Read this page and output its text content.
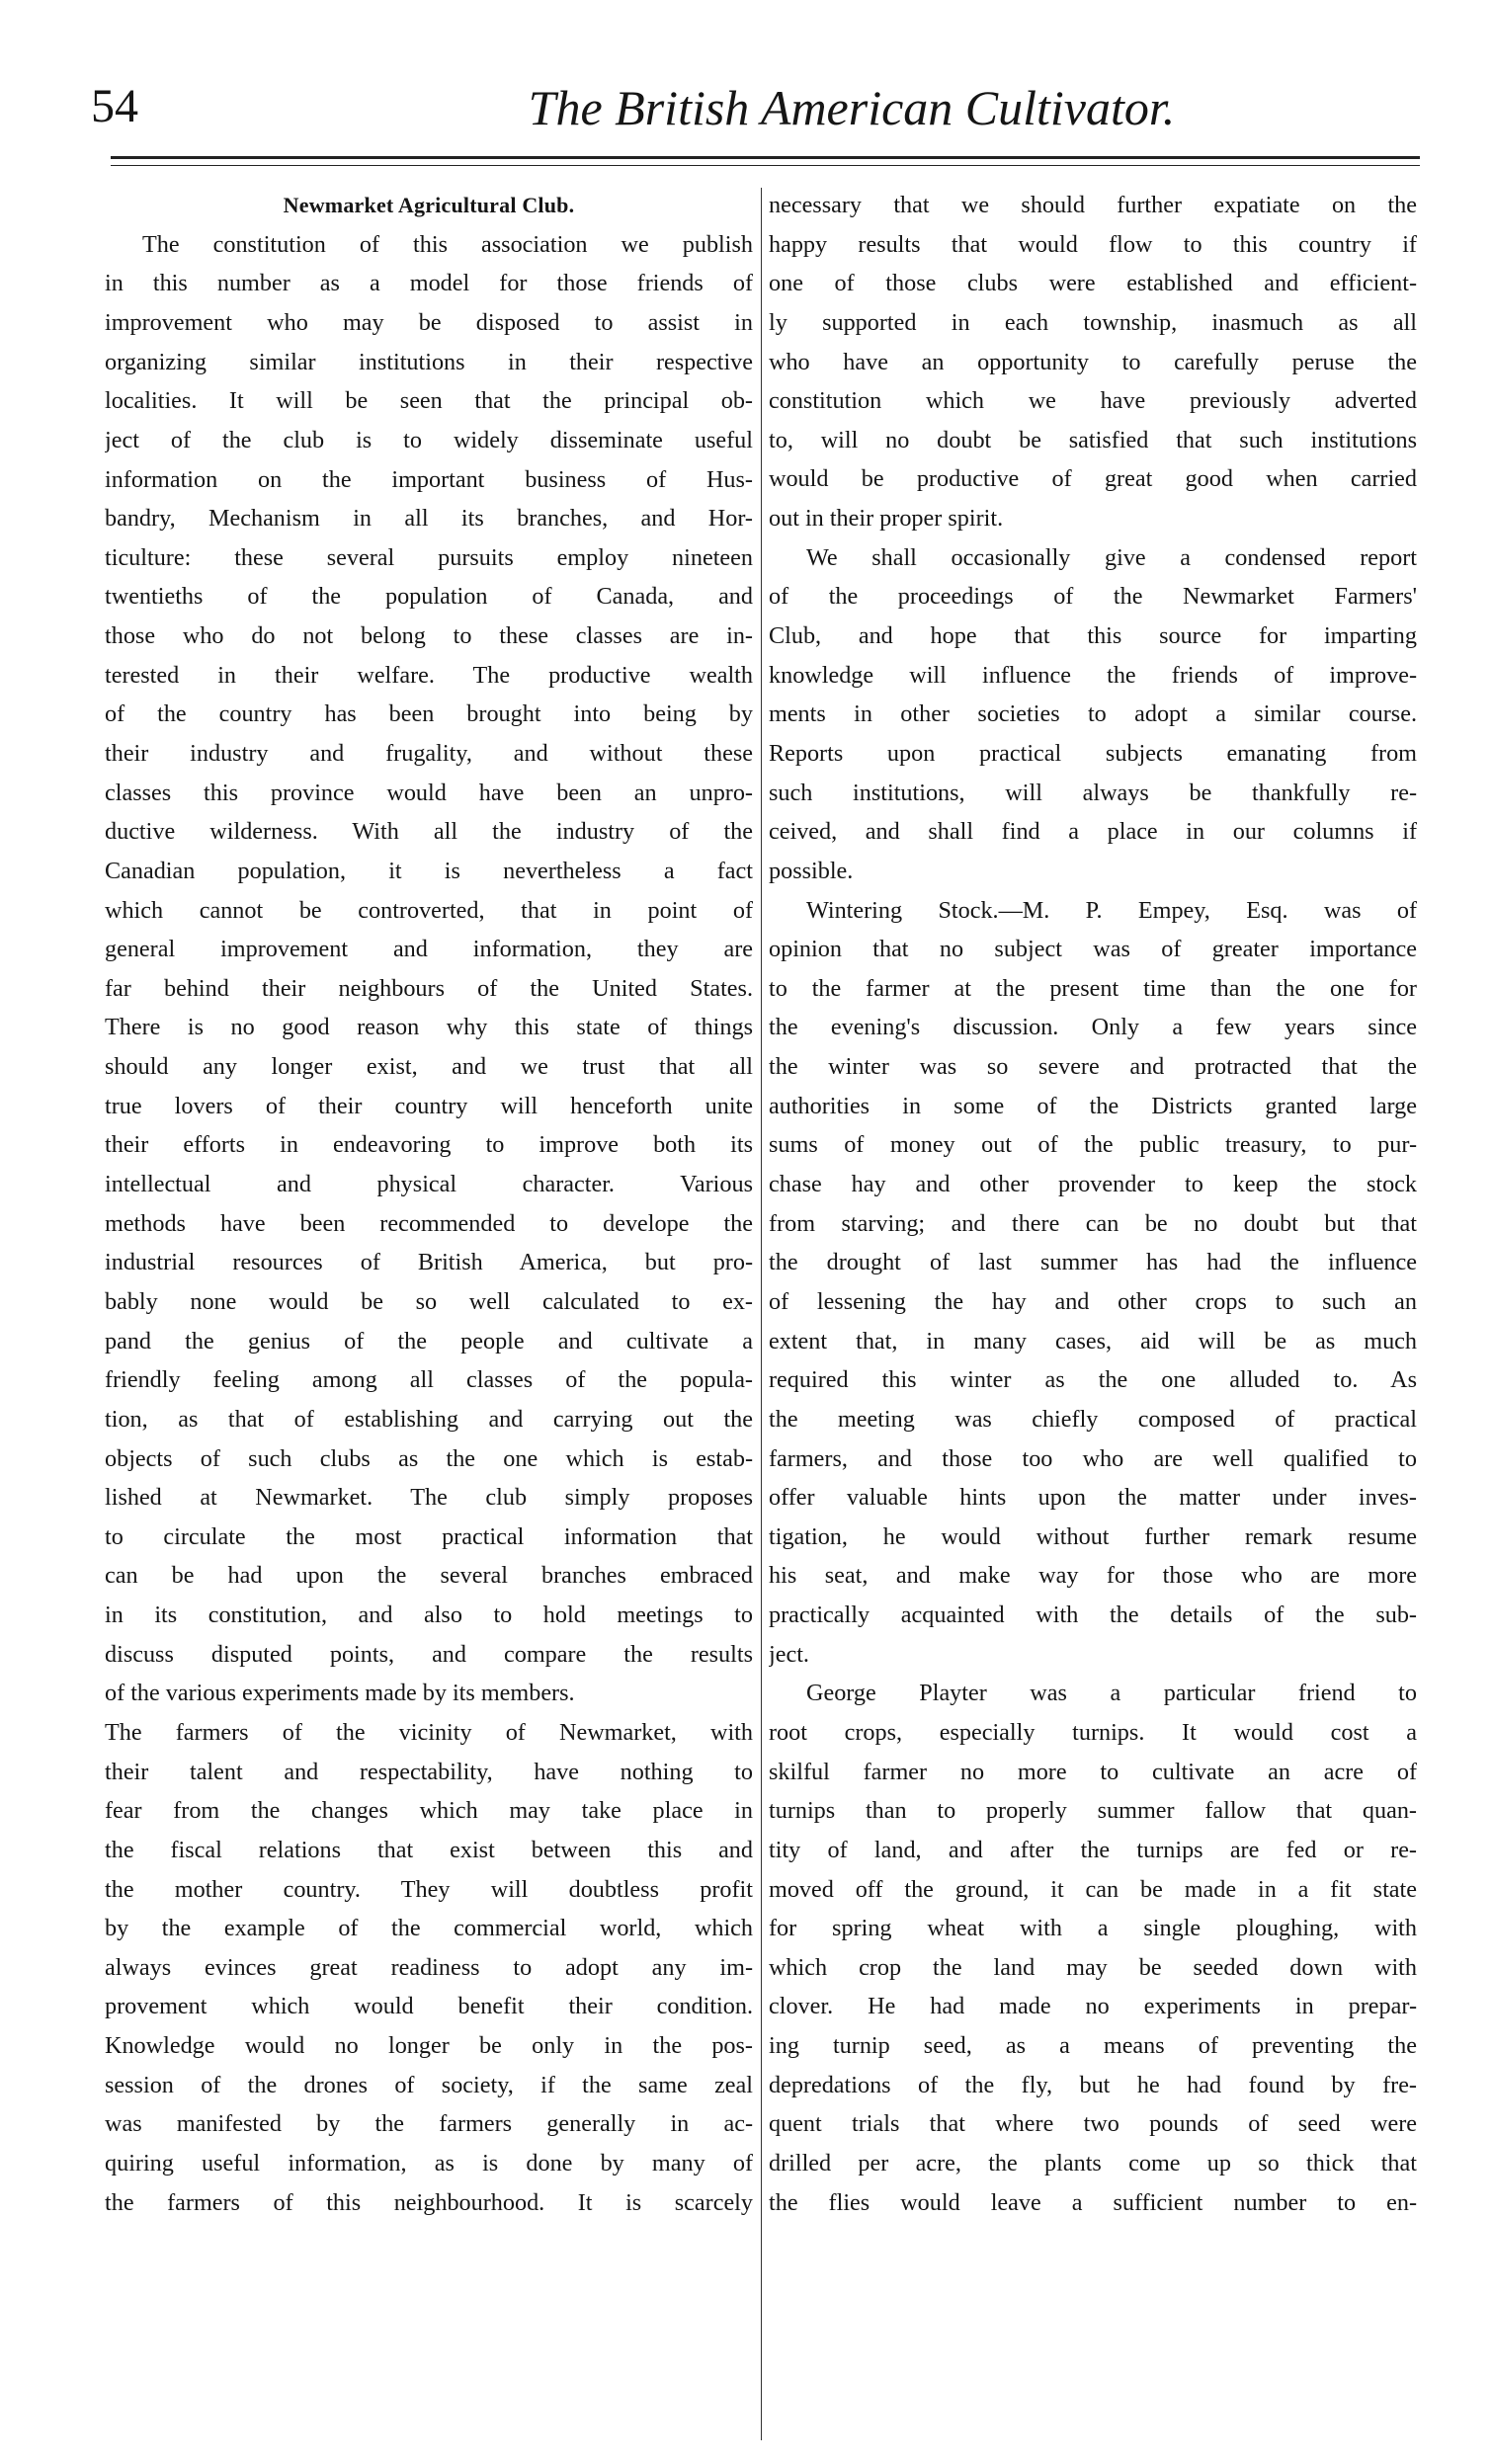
54	The British American Cultivator.
Newmarket Agricultural Club.
The constitution of this association we publish
in this number as a model for those friends of
improvement who may be disposed to assist in
organizing similar institutions in their respective
localities. It will be seen that the principal ob-
ject of the club is to widely disseminate useful
information on the important business of Hus-
bandry, Mechanism in all its branches, and Hor-
ticulture: these several pursuits employ nineteen
twentieths of the population of Canada, and
those who do not belong to these classes are in-
terested in their welfare. The productive wealth
of the country has been brought into being by
their industry and frugality, and without these
classes this province would have been an unpro-
ductive wilderness. With all the industry of the
Canadian population, it is nevertheless a fact
which cannot be controverted, that in point of
general improvement and information, they are
far behind their neighbours of the United States.
There is no good reason why this state of things
should any longer exist, and we trust that all
true lovers of their country will henceforth unite
their efforts in endeavoring to improve both its
intellectual and physical character. Various
methods have been recommended to develope the
industrial resources of British America, but pro-
bably none would be so well calculated to ex-
pand the genius of the people and cultivate a
friendly feeling among all classes of the popula-
tion, as that of establishing and carrying out the
objects of such clubs as the one which is estab-
lished at Newmarket. The club simply proposes
to circulate the most practical information that
can be had upon the several branches embraced
in its constitution, and also to hold meetings to
discuss disputed points, and compare the results
of the various experiments made by its members.
The farmers of the vicinity of Newmarket, with
their talent and respectability, have nothing to
fear from the changes which may take place in
the fiscal relations that exist between this and
the mother country. They will doubtless profit
by the example of the commercial world, which
always evinces great readiness to adopt any im-
provement which would benefit their condition.
Knowledge would no longer be only in the pos-
session of the drones of society, if the same zeal
was manifested by the farmers generally in ac-
quiring useful information, as is done by many of
the farmers of this neighbourhood. It is scarcely
necessary that we should further expatiate on the
happy results that would flow to this country if
one of those clubs were established and efficient-
ly supported in each township, inasmuch as all
who have an opportunity to carefully peruse the
constitution which we have previously adverted
to, will no doubt be satisfied that such institutions
would be productive of great good when carried
out in their proper spirit.
We shall occasionally give a condensed report
of the proceedings of the Newmarket Farmers'
Club, and hope that this source for imparting
knowledge will influence the friends of improve-
ments in other societies to adopt a similar course.
Reports upon practical subjects emanating from
such institutions, will always be thankfully re-
ceived, and shall find a place in our columns if
possible.
Wintering Stock.—M. P. Empey, Esq. was of
opinion that no subject was of greater importance
to the farmer at the present time than the one for
the evening's discussion. Only a few years since
the winter was so severe and protracted that the
authorities in some of the Districts granted large
sums of money out of the public treasury, to pur-
chase hay and other provender to keep the stock
from starving; and there can be no doubt but that
the drought of last summer has had the influence
of lessening the hay and other crops to such an
extent that, in many cases, aid will be as much
required this winter as the one alluded to. As
the meeting was chiefly composed of practical
farmers, and those too who are well qualified to
offer valuable hints upon the matter under inves-
tigation, he would without further remark resume
his seat, and make way for those who are more
practically acquainted with the details of the sub-
ject.
George Playter was a particular friend to
root crops, especially turnips. It would cost a
skilful farmer no more to cultivate an acre of
turnips than to properly summer fallow that quan-
tity of land, and after the turnips are fed or re-
moved off the ground, it can be made in a fit state
for spring wheat with a single ploughing, with
which crop the land may be seeded down with
clover. He had made no experiments in prepar-
ing turnip seed, as a means of preventing the
depredations of the fly, but he had found by fre-
quent trials that where two pounds of seed were
drilled per acre, the plants come up so thick that
the flies would leave a sufficient number to en-
